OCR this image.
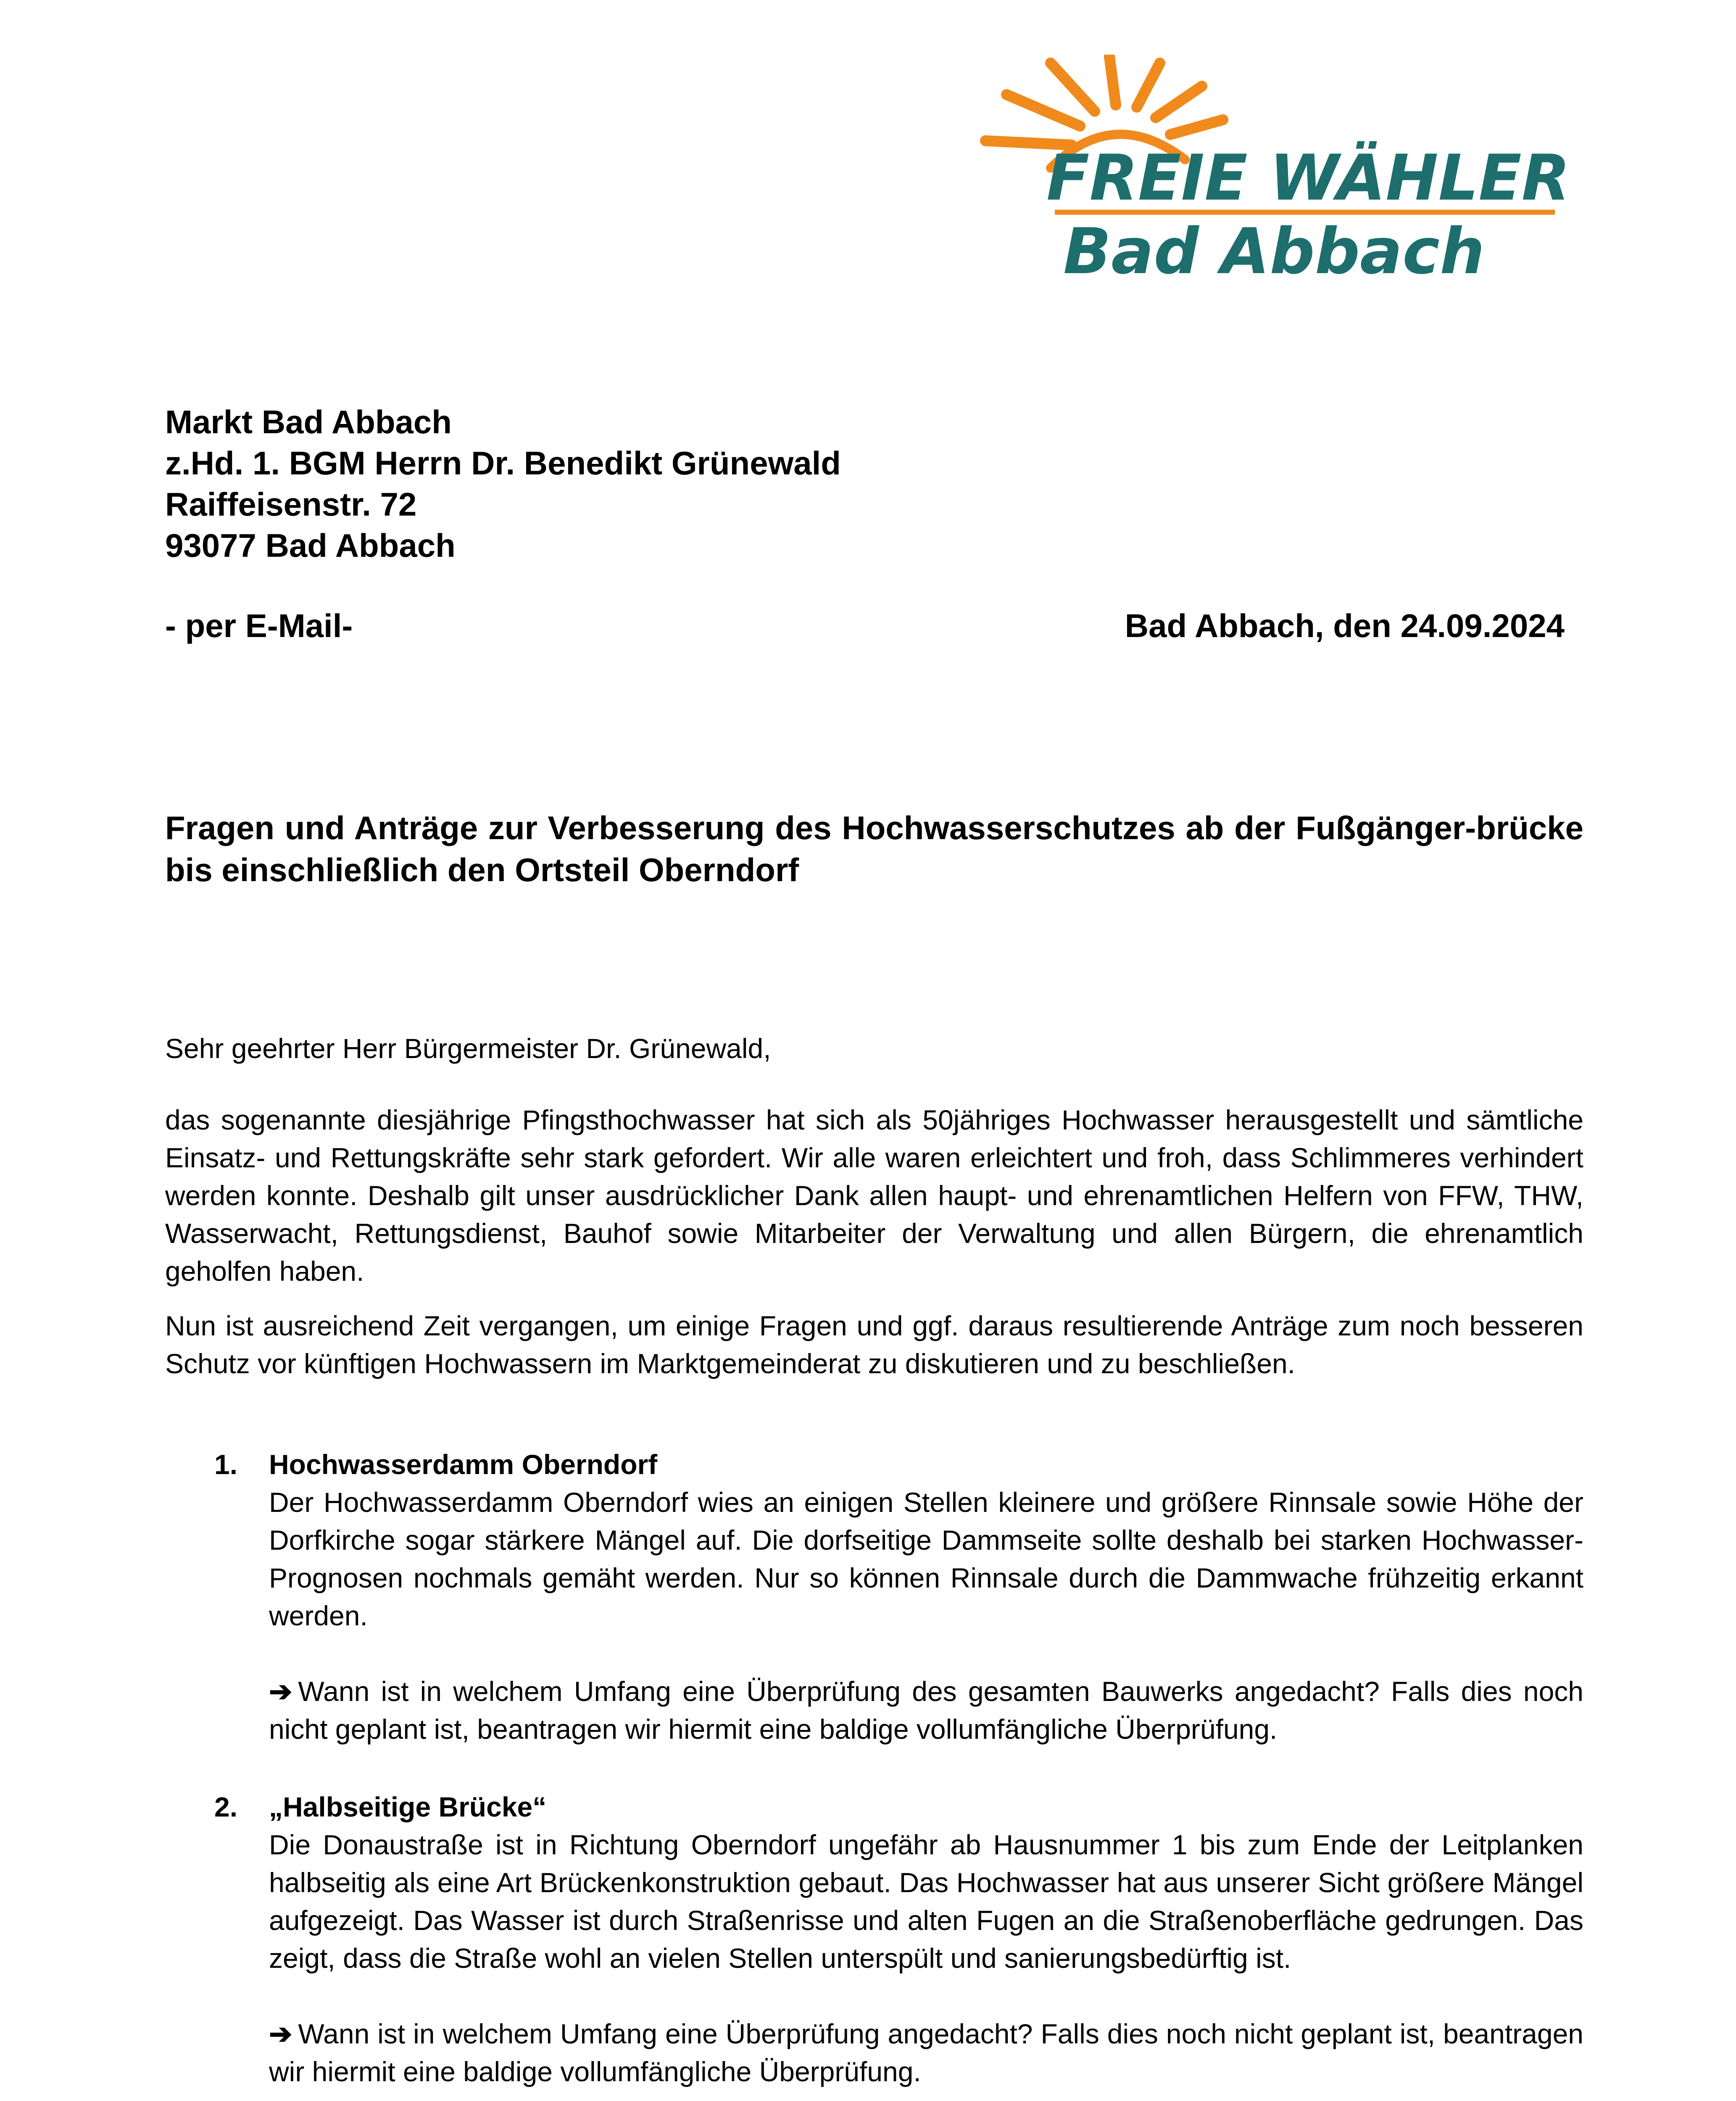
FREIE WÄHLER
Bad Abbach
Markt Bad Abbach
z.Hd. 1. BGM Herrn Dr. Benedikt Grünewald
Raiffeisenstr. 72
93077 Bad Abbach
- per E-Mail-	Bad Abbach, den 24.09.2024
Fragen und Anträge zur Verbesserung des Hochwasserschutzes ab der Fußgänger-brücke bis einschließlich den Ortsteil Oberndorf
Sehr geehrter Herr Bürgermeister Dr. Grünewald,
das sogenannte diesjährige Pfingsthochwasser hat sich als 50jähriges Hochwasser herausgestellt und sämtliche Einsatz- und Rettungskräfte sehr stark gefordert. Wir alle waren erleichtert und froh, dass Schlimmeres verhindert werden konnte. Deshalb gilt unser ausdrücklicher Dank allen haupt- und ehrenamtlichen Helfern von FFW, THW, Wasserwacht, Rettungsdienst, Bauhof sowie Mitarbeiter der Verwaltung und allen Bürgern, die ehrenamtlich geholfen haben.
Nun ist ausreichend Zeit vergangen, um einige Fragen und ggf. daraus resultierende Anträge zum noch besseren Schutz vor künftigen Hochwassern im Marktgemeinderat zu diskutieren und zu beschließen.
1. Hochwasserdamm Oberndorf
Der Hochwasserdamm Oberndorf wies an einigen Stellen kleinere und größere Rinnsale sowie Höhe der Dorfkirche sogar stärkere Mängel auf. Die dorfseitige Dammseite sollte deshalb bei starken Hochwasser-Prognosen nochmals gemäht werden. Nur so können Rinnsale durch die Dammwache frühzeitig erkannt werden.
➔ Wann ist in welchem Umfang eine Überprüfung des gesamten Bauwerks angedacht? Falls dies noch nicht geplant ist, beantragen wir hiermit eine baldige vollumfängliche Überprüfung.
2. „Halbseitige Brücke“
Die Donaustraße ist in Richtung Oberndorf ungefähr ab Hausnummer 1 bis zum Ende der Leitplanken halbseitig als eine Art Brückenkonstruktion gebaut. Das Hochwasser hat aus unserer Sicht größere Mängel aufgezeigt. Das Wasser ist durch Straßenrisse und alten Fugen an die Straßenoberfläche gedrungen. Das zeigt, dass die Straße wohl an vielen Stellen unterspült und sanierungsbedürftig ist.
➔ Wann ist in welchem Umfang eine Überprüfung angedacht? Falls dies noch nicht geplant ist, beantragen wir hiermit eine baldige vollumfängliche Überprüfung.
